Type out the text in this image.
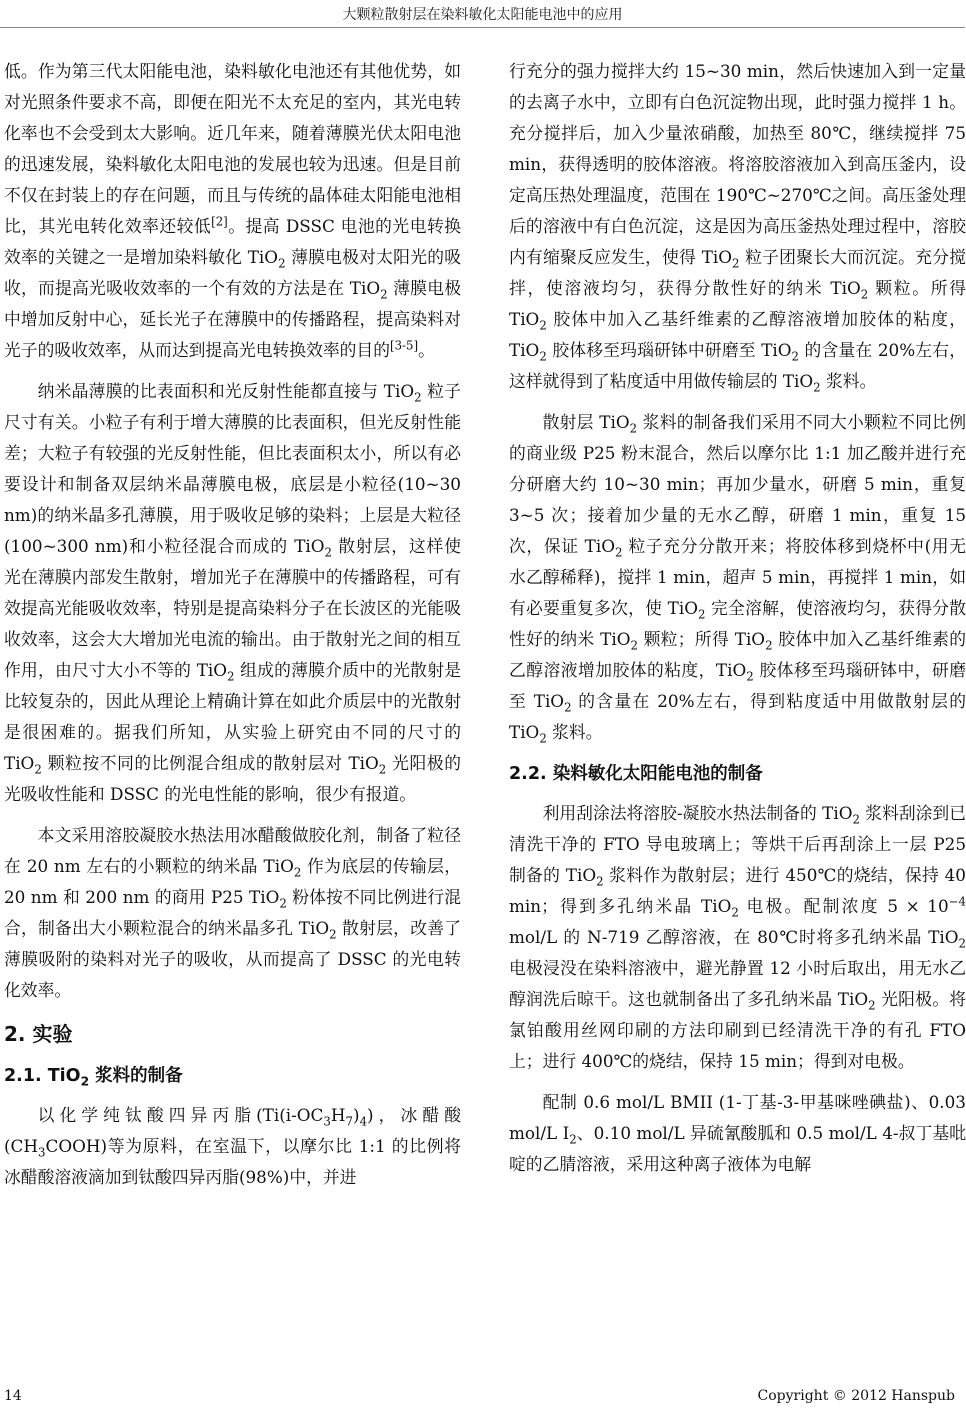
大颗粒散射层在染料敏化太阳能电池中的应用

低。作为第三代太阳能电池，染料敏化电池还有其他优势，如对光照条件要求不高，即便在阳光不太充足的室内，其光电转化率也不会受到太大影响。近几年来，随着薄膜光伏太阳电池的迅速发展，染料敏化太阳电池的发展也较为迅速。但是目前不仅在封装上的存在问题，而且与传统的晶体硅太阳能电池相比，其光电转化效率还较低[2]。提高 DSSC 电池的光电转换效率的关键之一是增加染料敏化 TiO$_2$ 薄膜电极对太阳光的吸收，而提高光吸收效率的一个有效的方法是在 TiO$_2$ 薄膜电极中增加反射中心，延长光子在薄膜中的传播路程，提高染料对光子的吸收效率，从而达到提高光电转换效率的目的[3-5]。

纳米晶薄膜的比表面积和光反射性能都直接与 TiO$_2$ 粒子尺寸有关。小粒子有利于增大薄膜的比表面积，但光反射性能差；大粒子有较强的光反射性能，但比表面积太小，所以有必要设计和制备双层纳米晶薄膜电极，底层是小粒径(10~30 nm)的纳米晶多孔薄膜，用于吸收足够的染料；上层是大粒径(100~300 nm)和小粒径混合而成的 TiO$_2$ 散射层，这样使光在薄膜内部发生散射，增加光子在薄膜中的传播路程，可有效提高光能吸收效率，特别是提高染料分子在长波区的光能吸收效率，这会大大增加光电流的输出。由于散射光之间的相互作用，由尺寸大小不等的 TiO$_2$ 组成的薄膜介质中的光散射是比较复杂的，因此从理论上精确计算在如此介质层中的光散射是很困难的。据我们所知，从实验上研究由不同的尺寸的 TiO$_2$ 颗粒按不同的比例混合组成的散射层对 TiO$_2$ 光阳极的光吸收性能和 DSSC 的光电性能的影响，很少有报道。

本文采用溶胶凝胶水热法用冰醋酸做胶化剂，制备了粒径在 20 nm 左右的小颗粒的纳米晶 TiO$_2$ 作为底层的传输层，20 nm 和 200 nm 的商用 P25 TiO$_2$ 粉体按不同比例进行混合，制备出大小颗粒混合的纳米晶多孔 TiO$_2$ 散射层，改善了薄膜吸附的染料对光子的吸收，从而提高了 DSSC 的光电转化效率。

2. 实验
2.1. TiO$_2$ 浆料的制备

以化学纯钛酸四异丙脂$(Ti(i-OC_3H_7)_4)$，冰醋酸$(CH_3COOH)$等为原料，在室温下，以摩尔比 1:1 的比例将冰醋酸溶液滴加到钛酸四异丙脂(98%)中，并进

行充分的强力搅拌大约 15~30 min，然后快速加入到一定量的去离子水中，立即有白色沉淀物出现，此时强力搅拌 1 h。充分搅拌后，加入少量浓硝酸，加热至 80℃，继续搅拌 75 min，获得透明的胶体溶液。将溶胶溶液加入到高压釜内，设定高压热处理温度，范围在 190℃~270℃之间。高压釜处理后的溶液中有白色沉淀，这是因为高压釜热处理过程中，溶胶内有缩聚反应发生，使得 TiO$_2$ 粒子团聚长大而沉淀。充分搅拌，使溶液均匀，获得分散性好的纳米 TiO$_2$ 颗粒。所得 TiO$_2$ 胶体中加入乙基纤维素的乙醇溶液增加胶体的粘度，TiO$_2$ 胶体移至玛瑙研钵中研磨至 TiO$_2$ 的含量在 20%左右，这样就得到了粘度适中用做传输层的 TiO$_2$ 浆料。

散射层 TiO$_2$ 浆料的制备我们采用不同大小颗粒不同比例的商业级 P25 粉末混合，然后以摩尔比 1:1 加乙酸并进行充分研磨大约 10~30 min；再加少量水，研磨 5 min，重复 3~5 次；接着加少量的无水乙醇，研磨 1 min，重复 15 次，保证 TiO$_2$ 粒子充分分散开来；将胶体移到烧杯中(用无水乙醇稀释)，搅拌 1 min，超声 5 min，再搅拌 1 min，如有必要重复多次，使 TiO$_2$ 完全溶解，使溶液均匀，获得分散性好的纳米 TiO$_2$ 颗粒；所得 TiO$_2$ 胶体中加入乙基纤维素的乙醇溶液增加胶体的粘度，TiO$_2$ 胶体移至玛瑙研钵中，研磨至 TiO$_2$ 的含量在 20%左右，得到粘度适中用做散射层的 TiO$_2$ 浆料。

2.2. 染料敏化太阳能电池的制备

利用刮涂法将溶胶-凝胶水热法制备的 TiO$_2$ 浆料刮涂到已清洗干净的 FTO 导电玻璃上；等烘干后再刮涂上一层 P25 制备的 TiO$_2$ 浆料作为散射层；进行 450℃的烧结，保持 40 min；得到多孔纳米晶 TiO$_2$ 电极。配制浓度 $5 \times 10^{-4}$ mol/L 的 N-719 乙醇溶液，在 80℃时将多孔纳米晶 TiO$_2$ 电极浸没在染料溶液中，避光静置 12 小时后取出，用无水乙醇润洗后晾干。这也就制备出了多孔纳米晶 TiO$_2$ 光阳极。将氯铂酸用丝网印刷的方法印刷到已经清洗干净的有孔 FTO 上；进行 400℃的烧结，保持 15 min；得到对电极。

配制 0.6 mol/L BMII (1-丁基-3-甲基咪唑碘盐)、0.03 mol/L $I_2$、0.10 mol/L 异硫氰酸胍和 0.5 mol/L 4-叔丁基吡啶的乙腈溶液，采用这种离子液体为电解

14	Copyright © 2012 Hanspub
